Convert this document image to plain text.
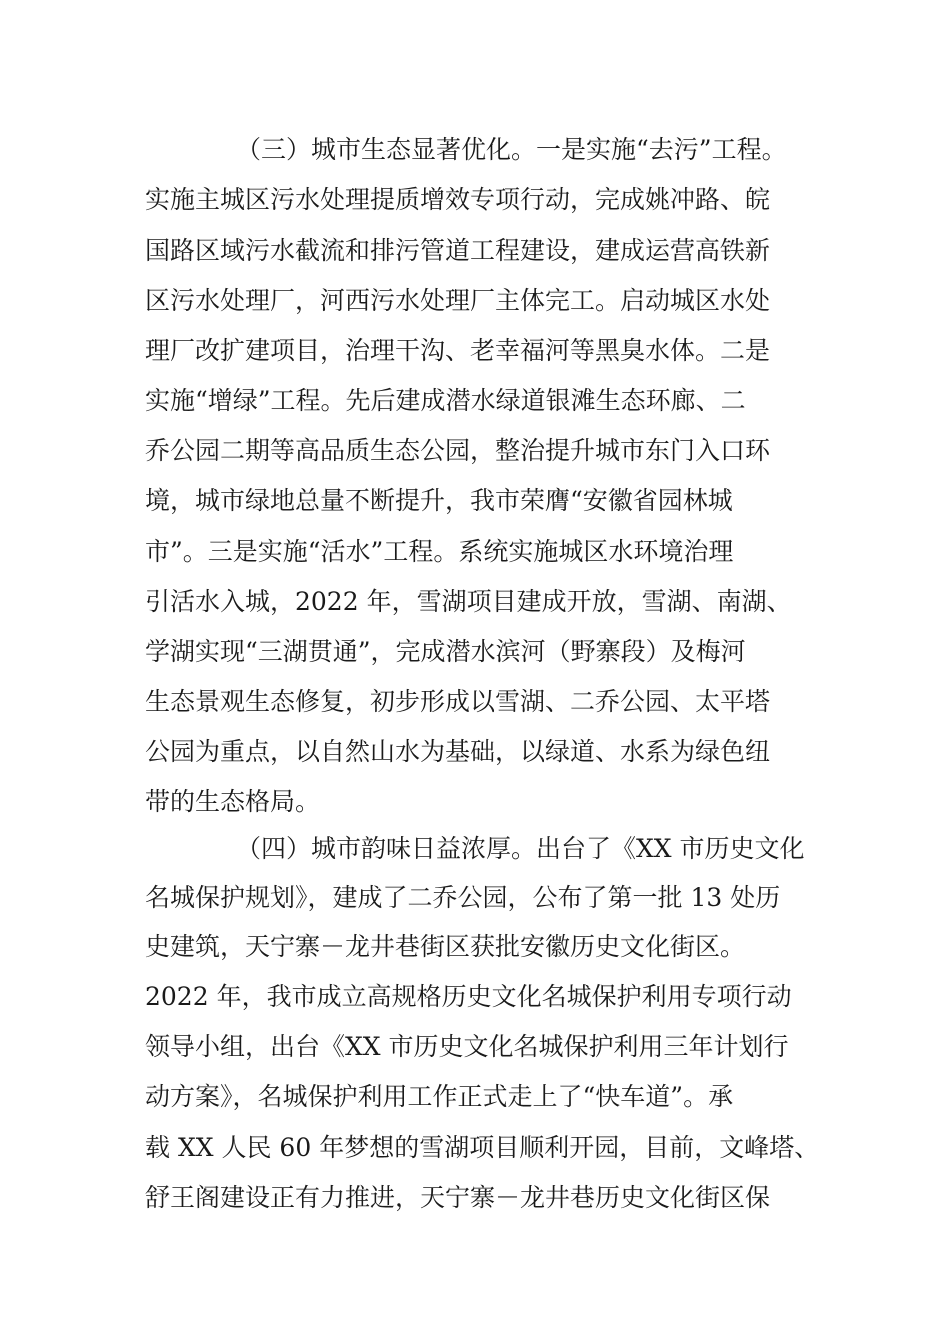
（三）城市生态显著优化。一是实施“去污”工程。
实施主城区污水处理提质增效专项行动，完成姚冲路、皖
国路区域污水截流和排污管道工程建设，建成运营高铁新
区污水处理厂，河西污水处理厂主体完工。启动城区水处
理厂改扩建项目，治理干沟、老幸福河等黑臭水体。二是
实施“增绿”工程。先后建成潜水绿道银滩生态环廊、二
乔公园二期等高品质生态公园，整治提升城市东门入口环
境，城市绿地总量不断提升，我市荣膺“安徽省园林城
市”。三是实施“活水”工程。系统实施城区水环境治理
引活水入城，2022 年，雪湖项目建成开放，雪湖、南湖、
学湖实现“三湖贯通”，完成潜水滨河（野寨段）及梅河
生态景观生态修复，初步形成以雪湖、二乔公园、太平塔
公园为重点，以自然山水为基础，以绿道、水系为绿色纽
带的生态格局。
（四）城市韵味日益浓厚。出台了《XX 市历史文化
名城保护规划》，建成了二乔公园，公布了第一批 13 处历
史建筑，天宁寨－龙井巷街区获批安徽历史文化街区。
2022 年，我市成立高规格历史文化名城保护利用专项行动
领导小组，出台《XX 市历史文化名城保护利用三年计划行
动方案》，名城保护利用工作正式走上了“快车道”。承
载 XX 人民 60 年梦想的雪湖项目顺利开园，目前，文峰塔、
舒王阁建设正有力推进，天宁寨－龙井巷历史文化街区保
